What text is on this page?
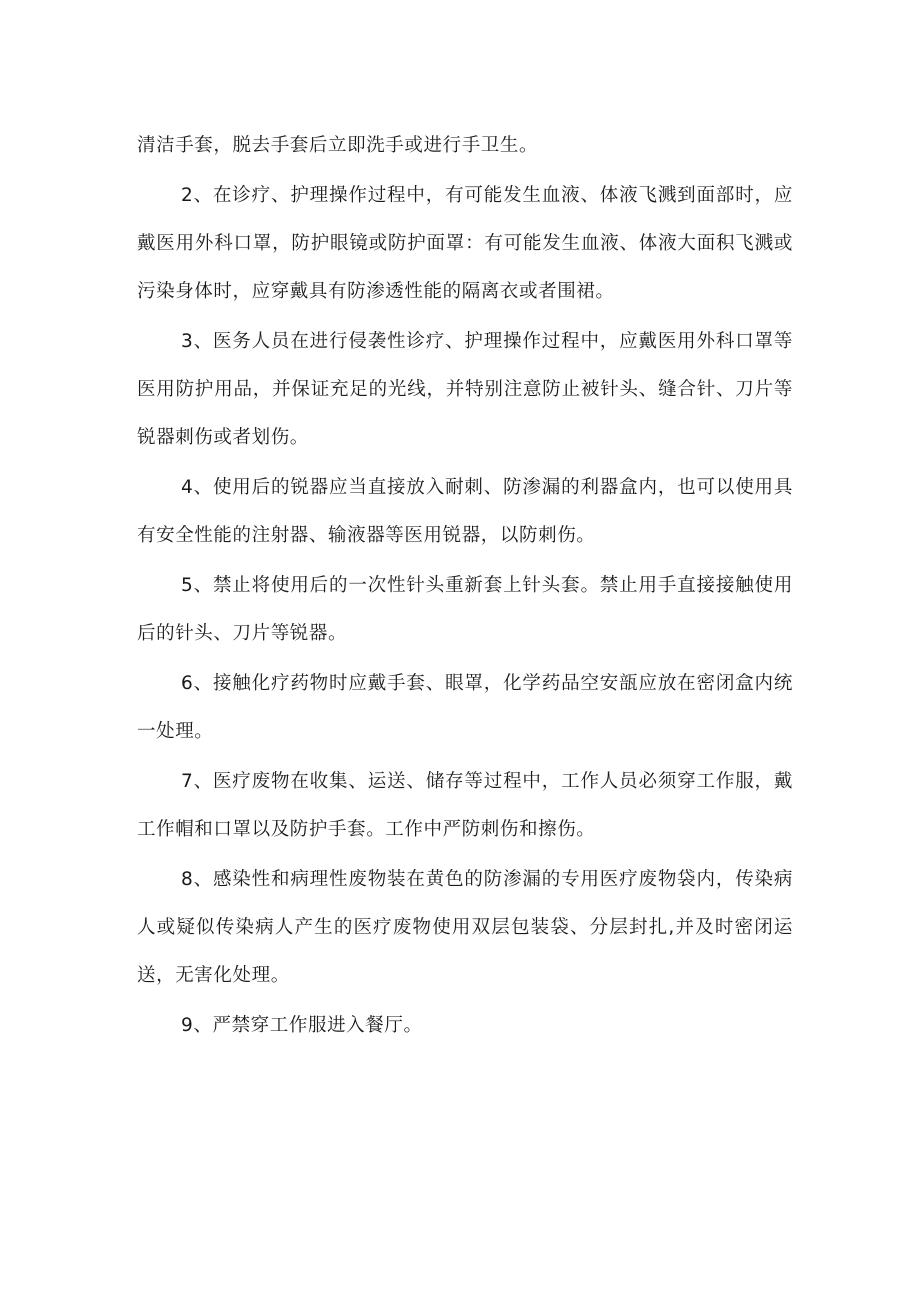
清洁手套，脱去手套后立即洗手或进行手卫生。

2、在诊疗、护理操作过程中，有可能发生血液、体液飞溅到面部时，应戴医用外科口罩，防护眼镜或防护面罩：有可能发生血液、体液大面积飞溅或污染身体时，应穿戴具有防渗透性能的隔离衣或者围裙。

3、医务人员在进行侵袭性诊疗、护理操作过程中，应戴医用外科口罩等医用防护用品，并保证充足的光线，并特别注意防止被针头、缝合针、刀片等锐器刺伤或者划伤。

4、使用后的锐器应当直接放入耐刺、防渗漏的利器盒内，也可以使用具有安全性能的注射器、输液器等医用锐器，以防刺伤。

5、禁止将使用后的一次性针头重新套上针头套。禁止用手直接接触使用后的针头、刀片等锐器。

6、接触化疗药物时应戴手套、眼罩，化学药品空安瓿应放在密闭盒内统一处理。

7、医疗废物在收集、运送、储存等过程中，工作人员必须穿工作服，戴工作帽和口罩以及防护手套。工作中严防刺伤和擦伤。

8、感染性和病理性废物装在黄色的防渗漏的专用医疗废物袋内，传染病人或疑似传染病人产生的医疗废物使用双层包装袋、分层封扎,并及时密闭运送，无害化处理。

9、严禁穿工作服进入餐厅。
